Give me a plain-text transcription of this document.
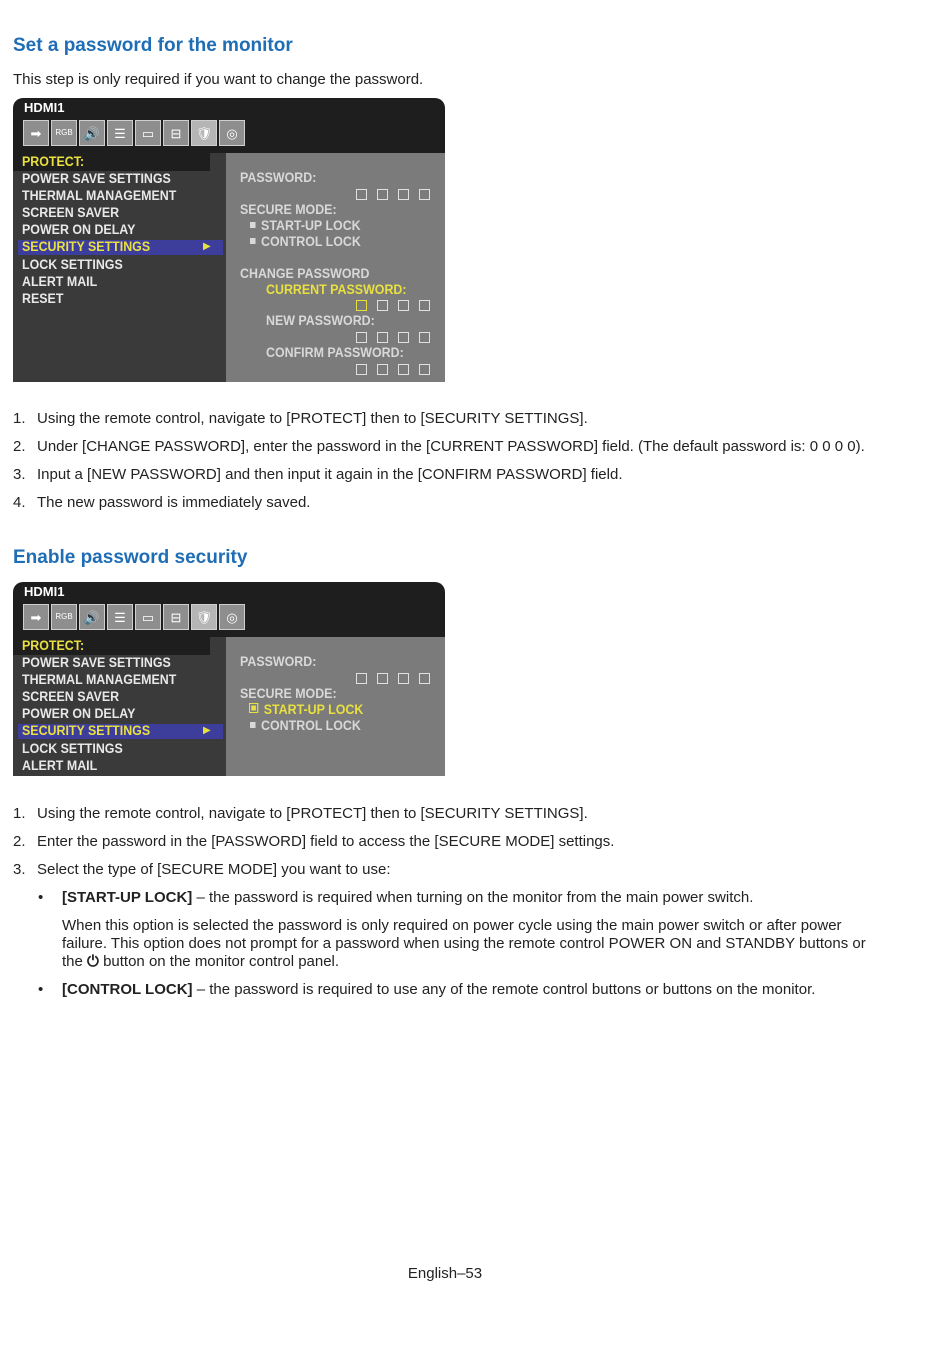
Set a password for the monitor

This step is only required if you want to change the password.

HDMI1
➡	RGB 🔊	☰	▭	⊟	🛡	◎
▶
PROTECT:
POWER SAVE SETTINGS
THERMAL MANAGEMENT
SCREEN SAVER
POWER ON DELAY
SECURITY SETTINGS
LOCK SETTINGS
ALERT MAIL
RESET
PASSWORD:
SECURE MODE:
START-UP LOCK
CONTROL LOCK
CHANGE PASSWORD
CURRENT PASSWORD:
NEW PASSWORD:
CONFIRM PASSWORD:
1. Using the remote control, navigate to [PROTECT] then to [SECURITY SETTINGS].
2. Under [CHANGE PASSWORD], enter the password in the [CURRENT PASSWORD] field. (The default password is: 0 0 0 0).
3. Input a [NEW PASSWORD] and then input it again in the [CONFIRM PASSWORD] field.
4. The new password is immediately saved.
Enable password security
HDMI1
➡	RGB 🔊	☰	▭	⊟	🛡	◎
▶
PROTECT:
POWER SAVE SETTINGS
THERMAL MANAGEMENT
SCREEN SAVER
POWER ON DELAY
SECURITY SETTINGS
LOCK SETTINGS
ALERT MAIL
PASSWORD:
SECURE MODE:
START-UP LOCK
CONTROL LOCK
1. Using the remote control, navigate to [PROTECT] then to [SECURITY SETTINGS].
2. Enter the password in the [PASSWORD] field to access the [SECURE MODE] settings.
3. Select the type of [SECURE MODE] you want to use:
• [START-UP LOCK] – the password is required when turning on the monitor from the main power switch.
When this option is selected the password is only required on power cycle using the main power switch or after power failure. This option does not prompt for a password when using the remote control POWER ON and STANDBY buttons or the ⏻ button on the monitor control panel.
• [CONTROL LOCK] – the password is required to use any of the remote control buttons or buttons on the monitor.
English–53
